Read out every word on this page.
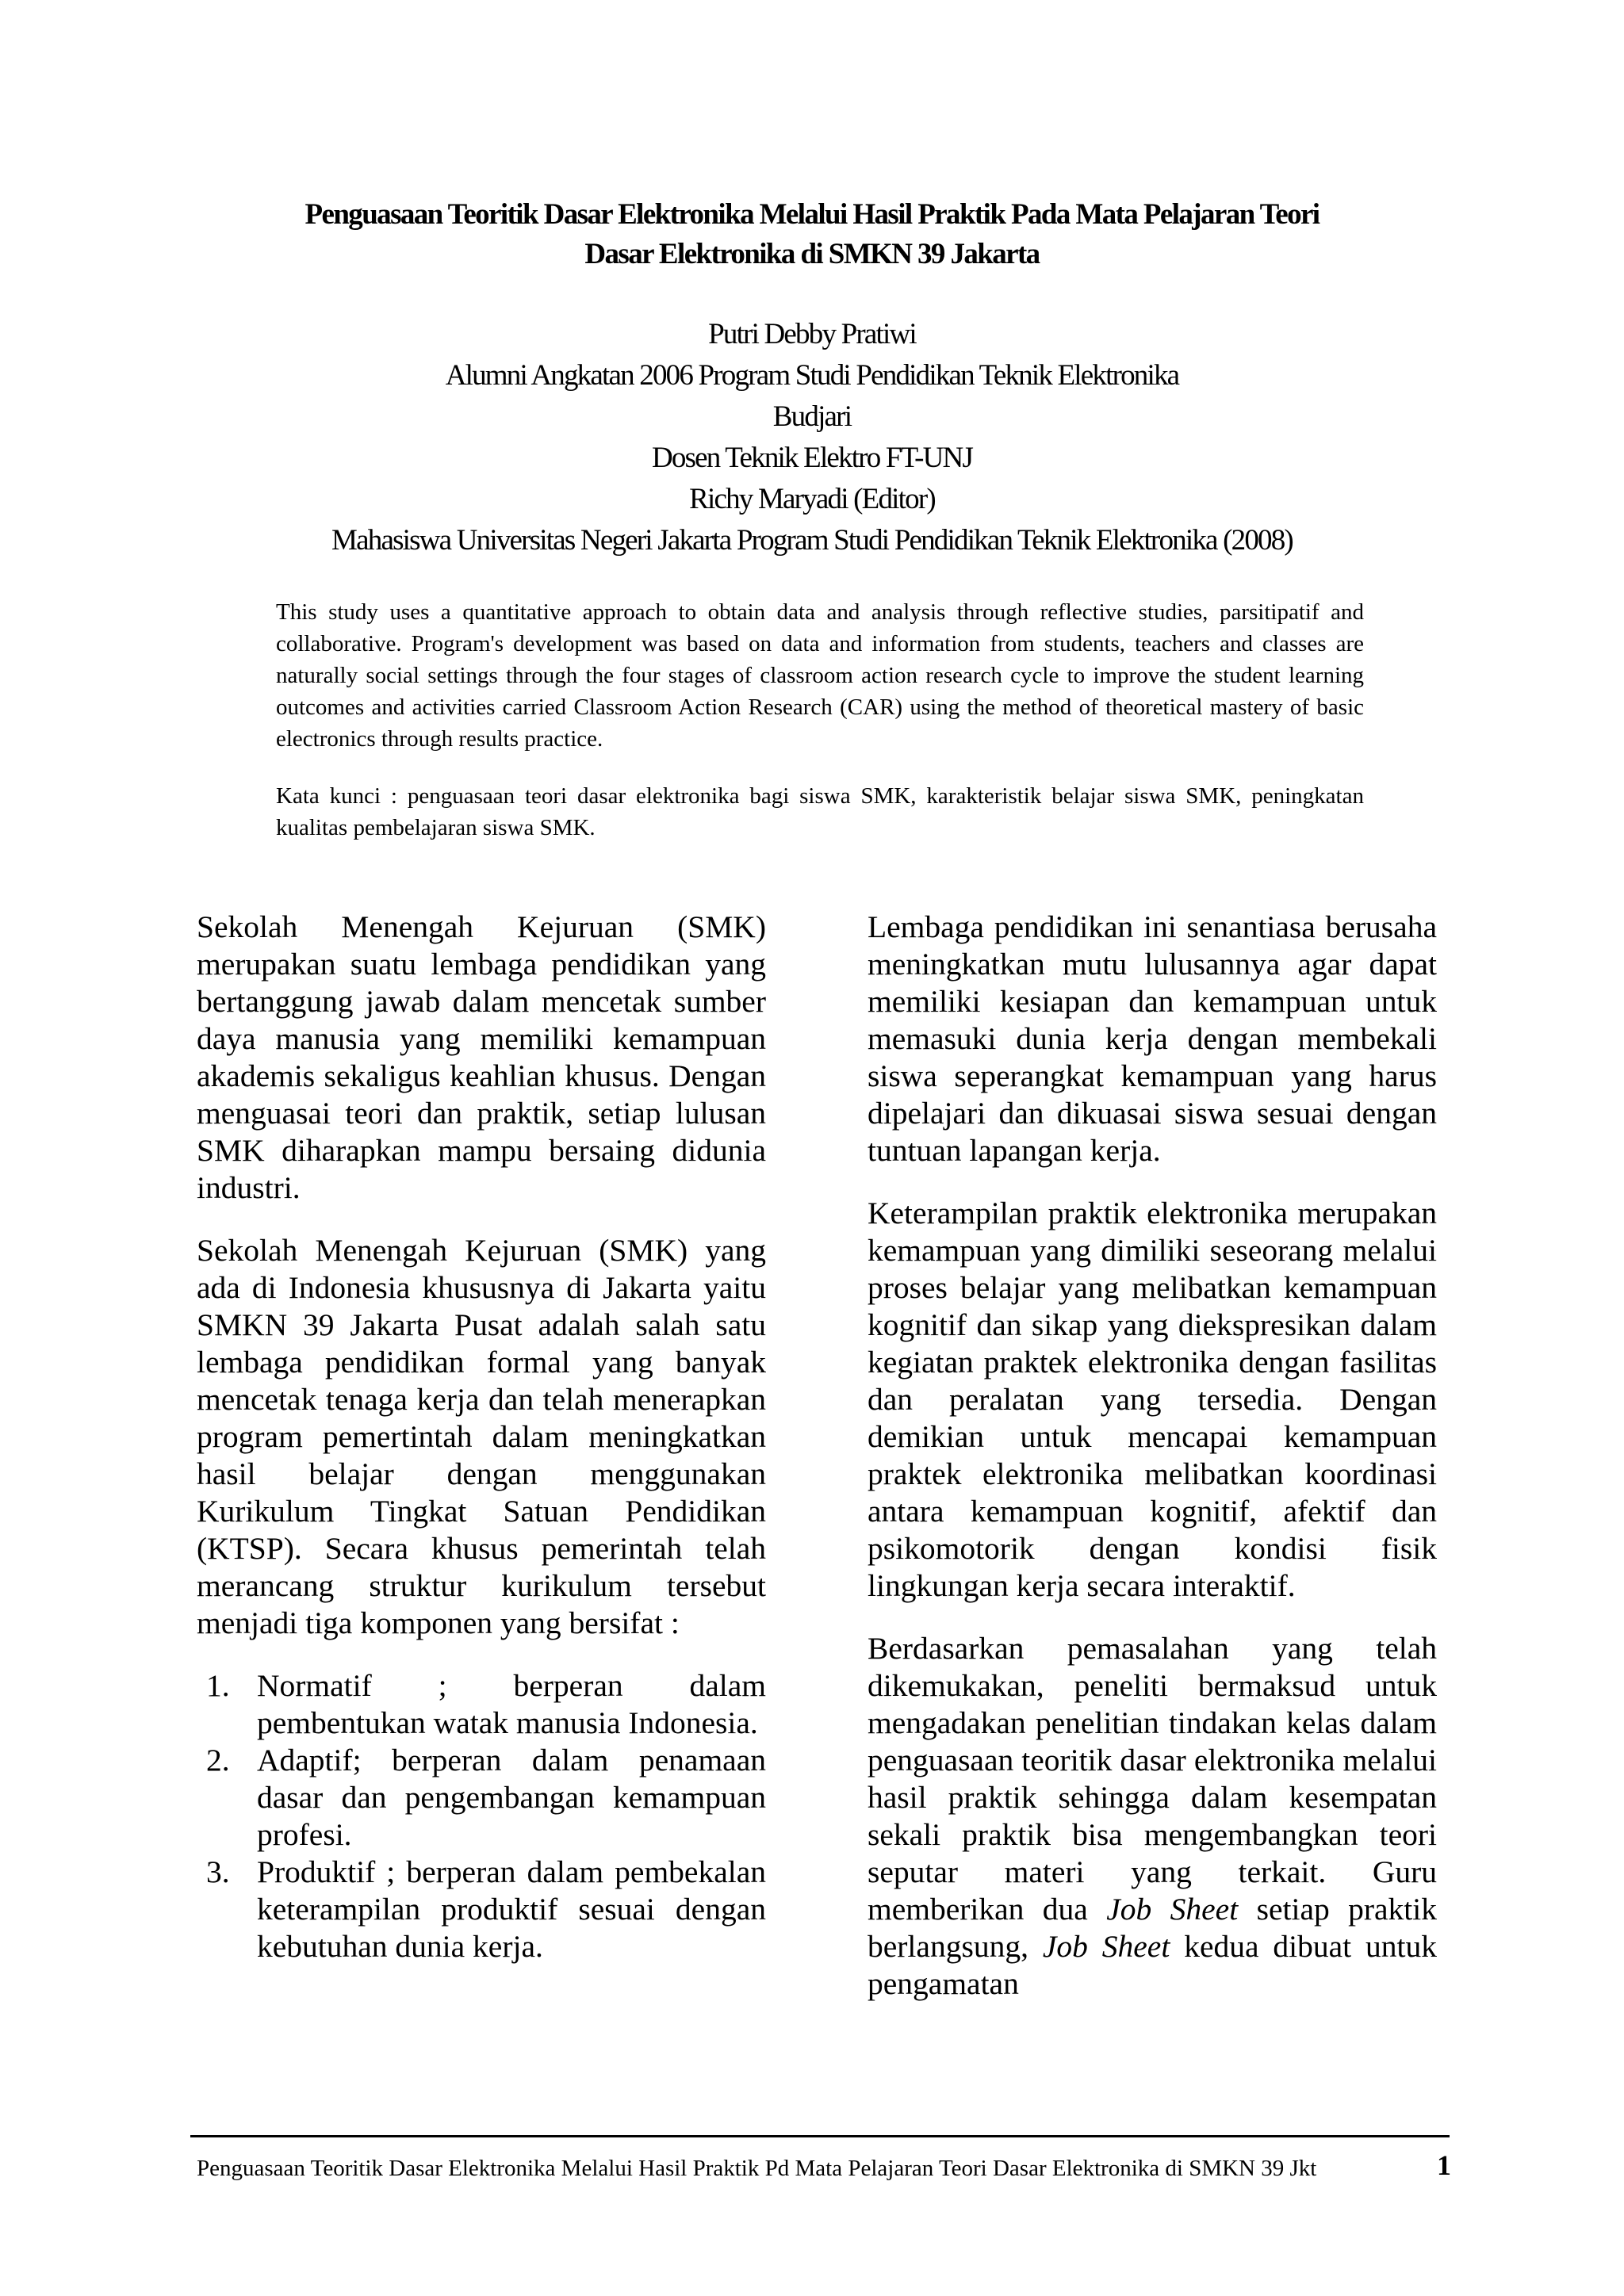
Penguasaan Teoritik Dasar Elektronika Melalui Hasil Praktik Pada Mata Pelajaran Teori
Dasar Elektronika di SMKN 39 Jakarta
Putri Debby Pratiwi
Alumni Angkatan 2006 Program Studi Pendidikan Teknik Elektronika
Budjari
Dosen Teknik Elektro FT-UNJ
Richy Maryadi (Editor)
Mahasiswa Universitas Negeri Jakarta Program Studi Pendidikan Teknik Elektronika (2008)

This study uses a quantitative approach to obtain data and analysis through reflective studies, parsitipatif and collaborative. Program's development was based on data and information from students, teachers and classes are naturally social settings through the four stages of classroom action research cycle to improve the student learning outcomes and activities carried Classroom Action Research (CAR) using the method of theoretical mastery of basic electronics through results practice.

Kata kunci : penguasaan teori dasar elektronika bagi siswa SMK, karakteristik belajar siswa SMK, peningkatan kualitas pembelajaran siswa SMK.

Sekolah Menengah Kejuruan (SMK) merupakan suatu lembaga pendidikan yang bertanggung jawab dalam mencetak sumber daya manusia yang memiliki kemampuan akademis sekaligus keahlian khusus. Dengan menguasai teori dan praktik, setiap lulusan SMK diharapkan mampu bersaing didunia industri.

Sekolah Menengah Kejuruan (SMK) yang ada di Indonesia khususnya di Jakarta yaitu SMKN 39 Jakarta Pusat adalah salah satu lembaga pendidikan formal yang banyak mencetak tenaga kerja dan telah menerapkan program pemertintah dalam meningkatkan hasil belajar dengan menggunakan Kurikulum Tingkat Satuan Pendidikan (KTSP). Secara khusus pemerintah telah merancang struktur kurikulum tersebut menjadi tiga komponen yang bersifat :

1. Normatif ; berperan dalam pembentukan watak manusia Indonesia.
2. Adaptif; berperan dalam penamaan dasar dan pengembangan kemampuan profesi.
3. Produktif ; berperan dalam pembekalan keterampilan produktif sesuai dengan kebutuhan dunia kerja.

Lembaga pendidikan ini senantiasa berusaha meningkatkan mutu lulusannya agar dapat memiliki kesiapan dan kemampuan untuk memasuki dunia kerja dengan membekali siswa seperangkat kemampuan yang harus dipelajari dan dikuasai siswa sesuai dengan tuntuan lapangan kerja.

Keterampilan praktik elektronika merupakan kemampuan yang dimiliki seseorang melalui proses belajar yang melibatkan kemampuan kognitif dan sikap yang diekspresikan dalam kegiatan praktek elektronika dengan fasilitas dan peralatan yang tersedia. Dengan demikian untuk mencapai kemampuan praktek elektronika melibatkan koordinasi antara kemampuan kognitif, afektif dan psikomotorik dengan kondisi fisik lingkungan kerja secara interaktif.

Berdasarkan pemasalahan yang telah dikemukakan, peneliti bermaksud untuk mengadakan penelitian tindakan kelas dalam penguasaan teoritik dasar elektronika melalui hasil praktik sehingga dalam kesempatan sekali praktik bisa mengembangkan teori seputar materi yang terkait. Guru memberikan dua Job Sheet setiap praktik berlangsung, Job Sheet kedua dibuat untuk pengamatan

Penguasaan Teoritik Dasar Elektronika Melalui Hasil Praktik Pd Mata Pelajaran Teori Dasar Elektronika di SMKN 39 Jkt	1
